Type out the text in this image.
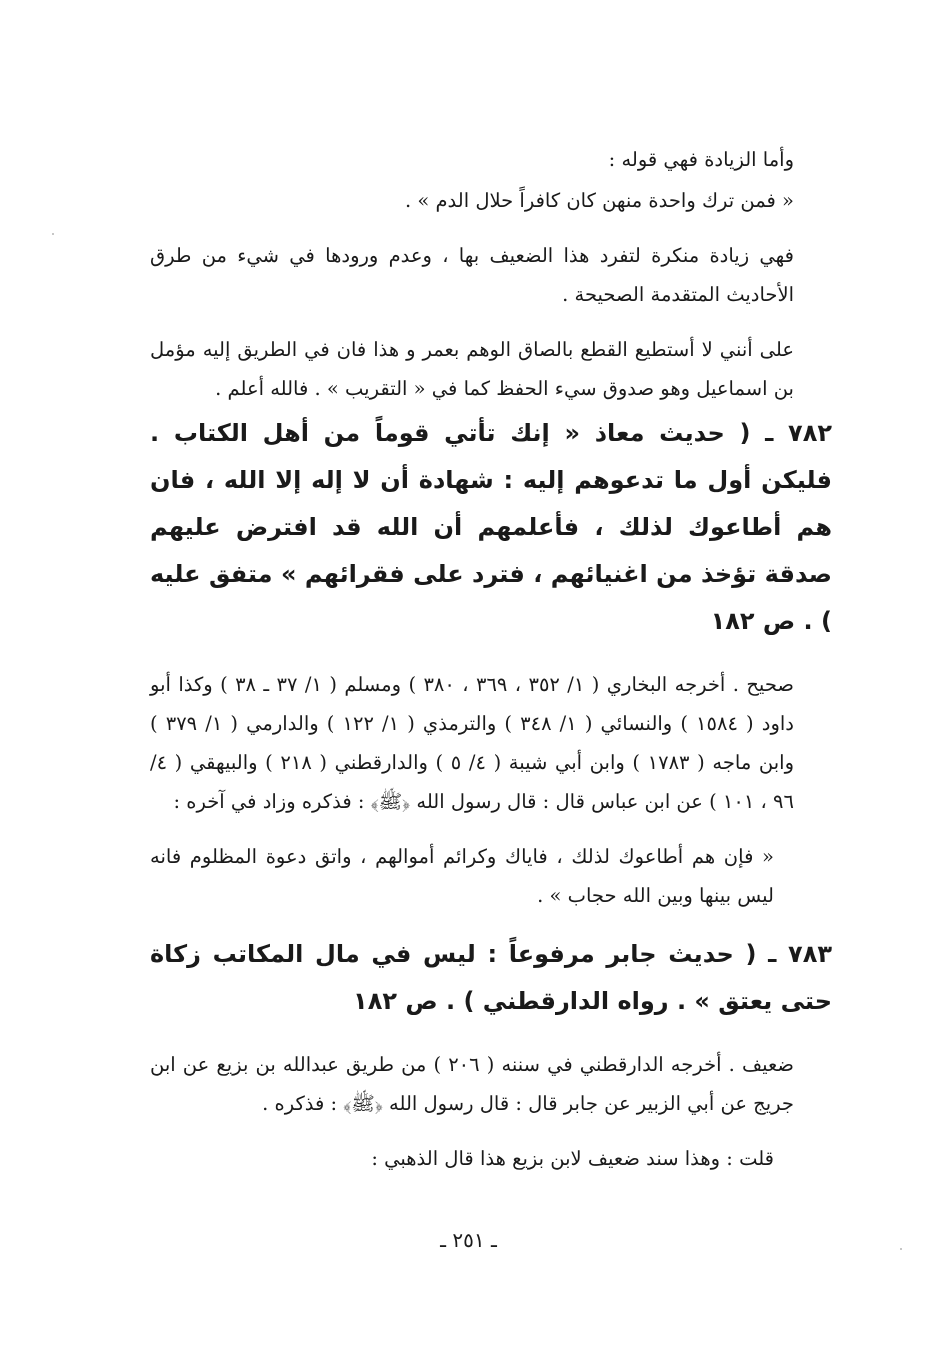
وأما الزيادة فهي قوله :

« فمن ترك واحدة منهن كان كافراً حلال الدم » .

فهي زيادة منكرة لتفرد هذا الضعيف بها ، وعدم ورودها في شيء من طرق الأحاديث المتقدمة الصحيحة .

على أنني لا أستطيع القطع بالصاق الوهم بعمر و هذا فان في الطريق إليه مؤمل بن اسماعيل وهو صدوق سيء الحفظ كما في « التقريب » . فالله أعلم .

٧٨٢ ـ ( حديث معاذ « إنك تأتي قوماً من أهل الكتاب . فليكن أول ما تدعوهم إليه : شهادة أن لا إله إلا الله ، فان هم أطاعوك لذلك ، فأعلمهم أن الله قد افترض عليهم صدقة تؤخذ من اغنيائهم ، فترد على فقرائهم » متفق عليه ) . ص ١٨٢

صحيح . أخرجه البخاري ( ١/ ٣٥٢ ، ٣٦٩ ، ٣٨٠ ) ومسلم ( ١/ ٣٧ ـ ٣٨ ) وكذا أبو داود ( ١٥٨٤ ) والنسائي ( ١/ ٣٤٨ ) والترمذي ( ١/ ١٢٢ ) والدارمي ( ١/ ٣٧٩ ) وابن ماجه ( ١٧٨٣ ) وابن أبي شيبة ( ٤/ ٥ ) والدارقطني ( ٢١٨ ) والبيهقي ( ٤/ ٩٦ ، ١٠١ ) عن ابن عباس قال : قال رسول الله ﴿ﷺ﴾ : فذكره وزاد في آخره :

« فإن هم أطاعوك لذلك ، فاياك وكرائم أموالهم ، واتق دعوة المظلوم فانه ليس بينها وبين الله حجاب » .

٧٨٣ ـ ( حديث جابر مرفوعاً : ليس في مال المكاتب زكاة حتى يعتق » . رواه الدارقطني ) . ص ١٨٢

ضعيف . أخرجه الدارقطني في سننه ( ٢٠٦ ) من طريق عبدالله بن بزيع عن ابن جريج عن أبي الزبير عن جابر قال : قال رسول الله ﴿ﷺ﴾ : فذكره .

قلت : وهذا سند ضعيف لابن بزيع هذا قال الذهبي :

ـ ٢٥١ ـ
